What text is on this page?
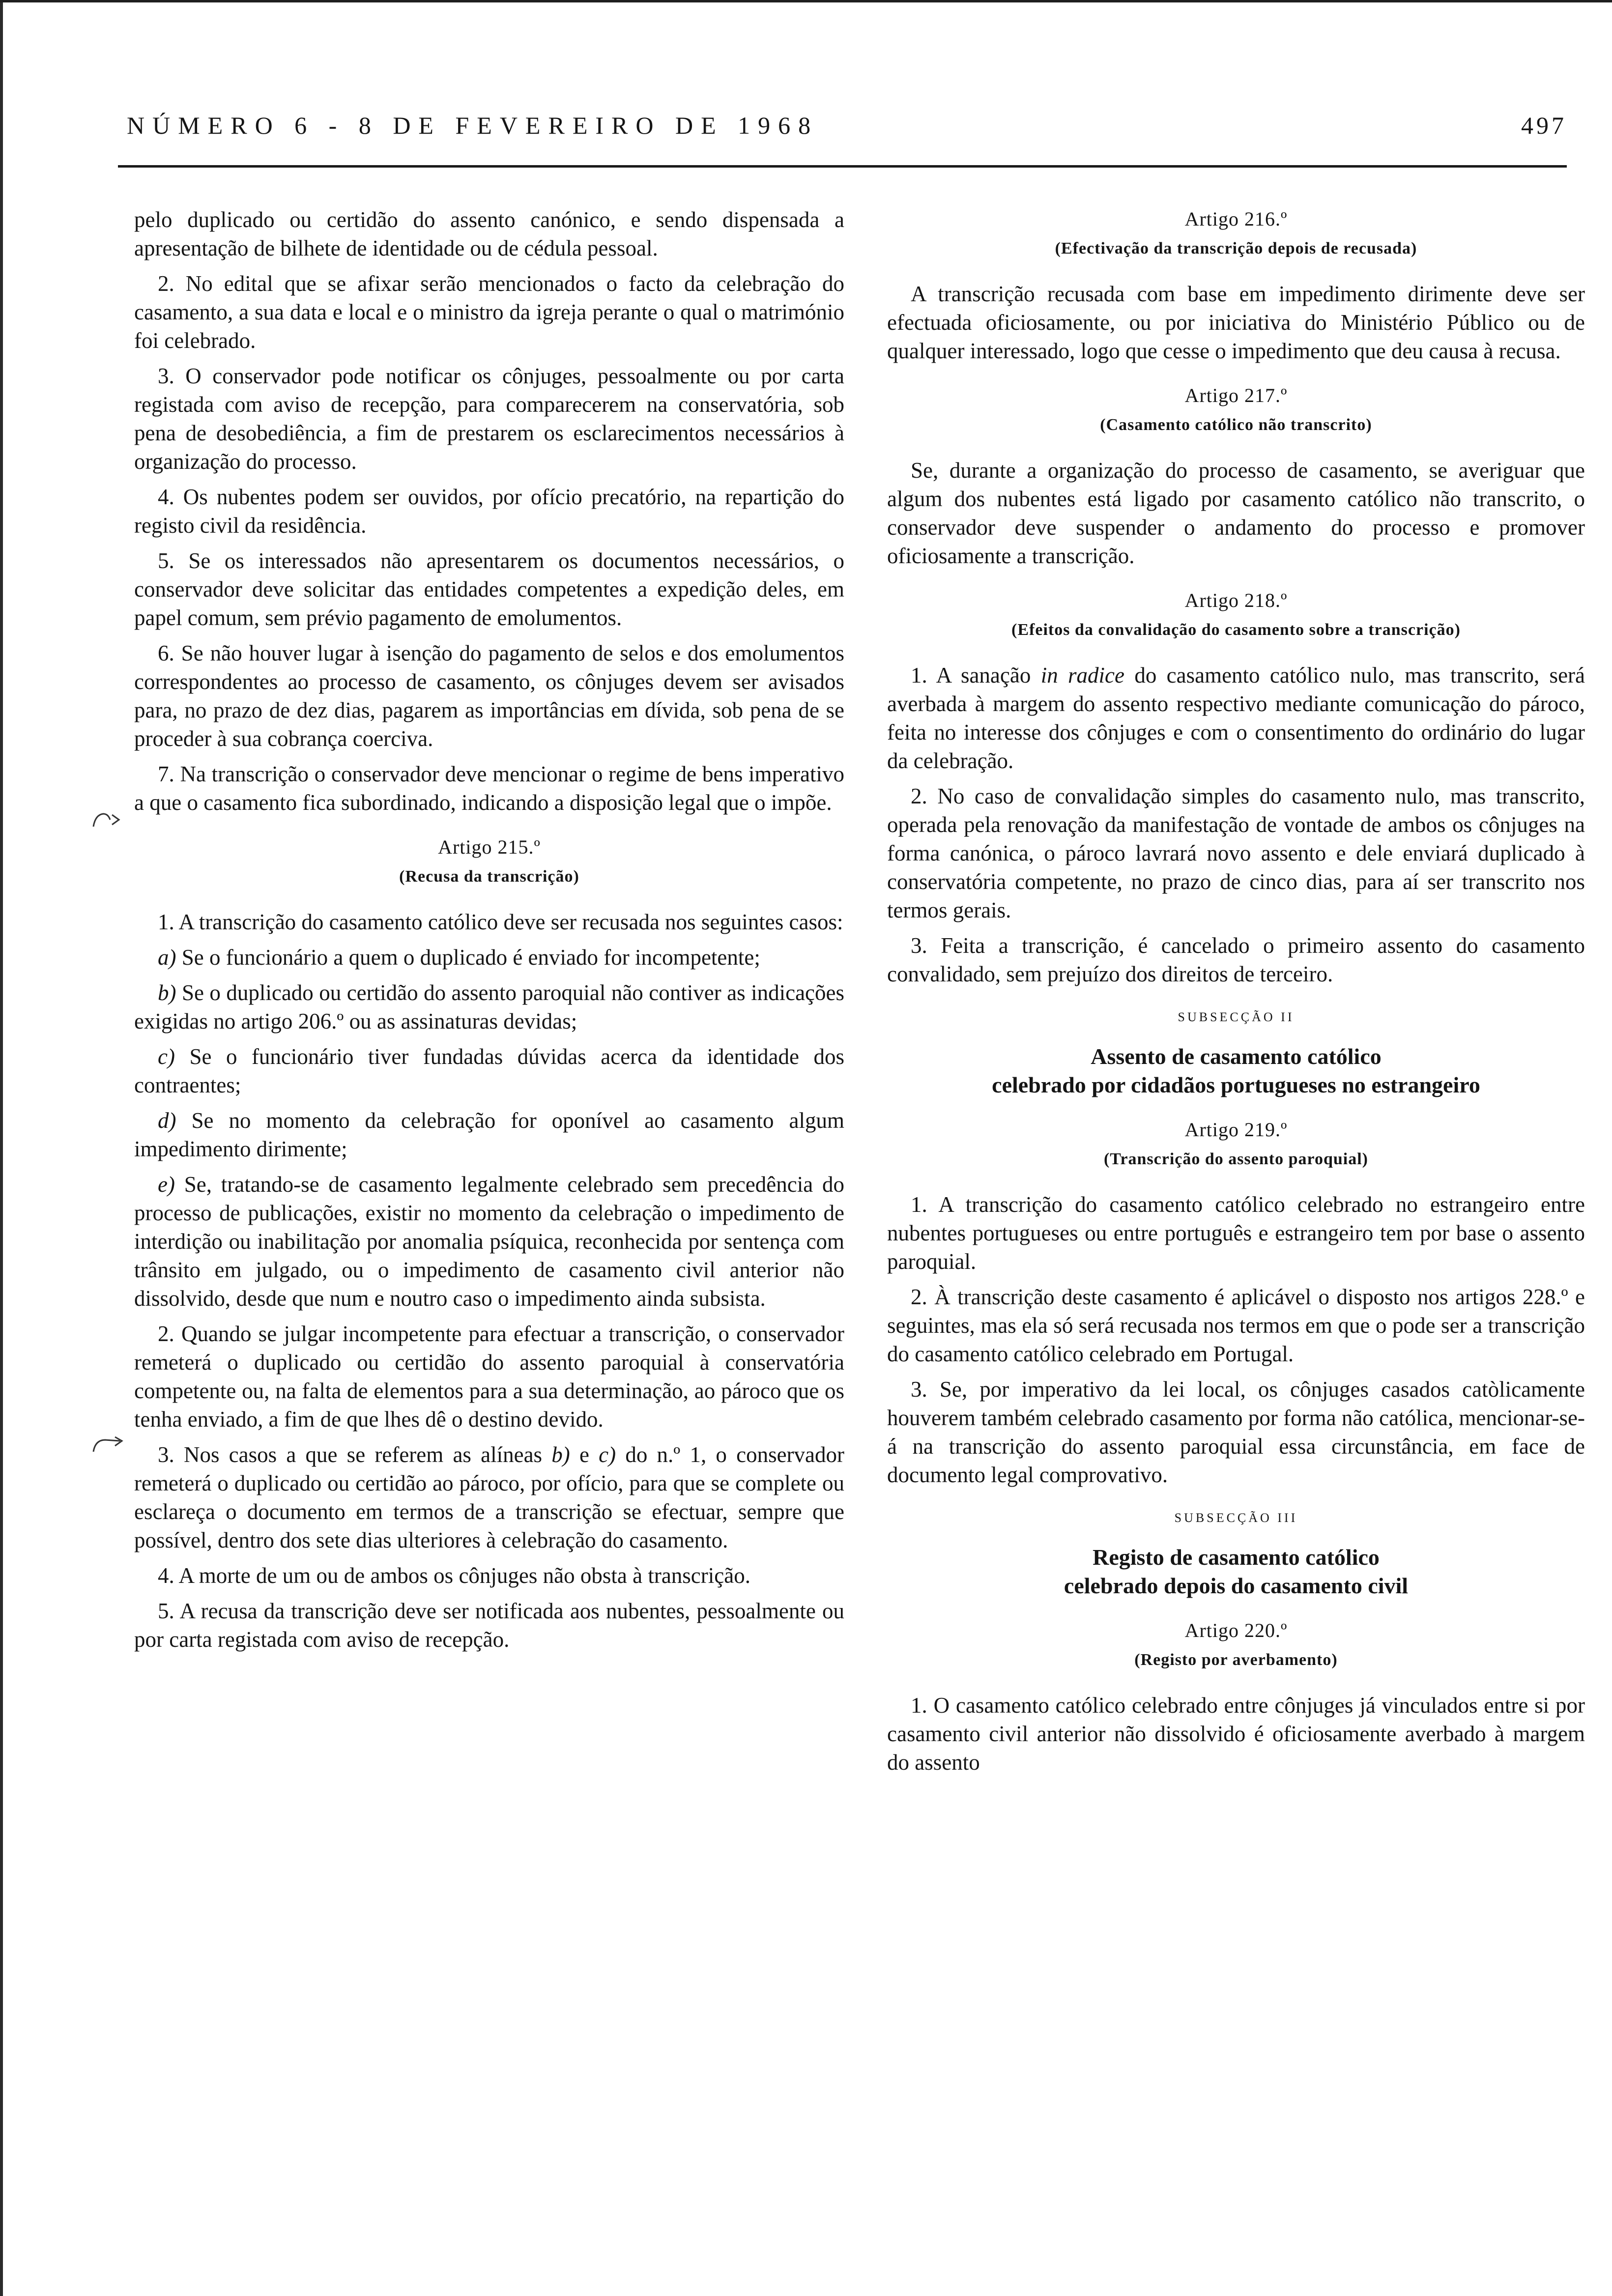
NÚMERO 6 - 8 DE FEVEREIRO DE 1968	497

pelo duplicado ou certidão do assento canónico, e sendo dispensada a apresentação de bilhete de identidade ou de cédula pessoal.

2. No edital que se afixar serão mencionados o facto da celebração do casamento, a sua data e local e o ministro da igreja perante o qual o matrimónio foi celebrado.

3. O conservador pode notificar os cônjuges, pessoalmente ou por carta registada com aviso de recepção, para comparecerem na conservatória, sob pena de desobediência, a fim de prestarem os esclarecimentos necessários à organização do processo.

4. Os nubentes podem ser ouvidos, por ofício precatório, na repartição do registo civil da residência.

5. Se os interessados não apresentarem os documentos necessários, o conservador deve solicitar das entidades competentes a expedição deles, em papel comum, sem prévio pagamento de emolumentos.

6. Se não houver lugar à isenção do pagamento de selos e dos emolumentos correspondentes ao processo de casamento, os cônjuges devem ser avisados para, no prazo de dez dias, pagarem as importâncias em dívida, sob pena de se proceder à sua cobrança coerciva.

7. Na transcrição o conservador deve mencionar o regime de bens imperativo a que o casamento fica subordinado, indicando a disposição legal que o impõe.

Artigo 215.º
(Recusa da transcrição)

1. A transcrição do casamento católico deve ser recusada nos seguintes casos:

a) Se o funcionário a quem o duplicado é enviado for incompetente;

b) Se o duplicado ou certidão do assento paroquial não contiver as indicações exigidas no artigo 206.º ou as assinaturas devidas;

c) Se o funcionário tiver fundadas dúvidas acerca da identidade dos contraentes;

d) Se no momento da celebração for oponível ao casamento algum impedimento dirimente;

e) Se, tratando-se de casamento legalmente celebrado sem precedência do processo de publicações, existir no momento da celebração o impedimento de interdição ou inabilitação por anomalia psíquica, reconhecida por sentença com trânsito em julgado, ou o impedimento de casamento civil anterior não dissolvido, desde que num e noutro caso o impedimento ainda subsista.

2. Quando se julgar incompetente para efectuar a transcrição, o conservador remeterá o duplicado ou certidão do assento paroquial à conservatória competente ou, na falta de elementos para a sua determinação, ao pároco que os tenha enviado, a fim de que lhes dê o destino devido.

3. Nos casos a que se referem as alíneas b) e c) do n.º 1, o conservador remeterá o duplicado ou certidão ao pároco, por ofício, para que se complete ou esclareça o documento em termos de a transcrição se efectuar, sempre que possível, dentro dos sete dias ulteriores à celebração do casamento.

4. A morte de um ou de ambos os cônjuges não obsta à transcrição.

5. A recusa da transcrição deve ser notificada aos nubentes, pessoalmente ou por carta registada com aviso de recepção.

Artigo 216.º
(Efectivação da transcrição depois de recusada)

A transcrição recusada com base em impedimento dirimente deve ser efectuada oficiosamente, ou por iniciativa do Ministério Público ou de qualquer interessado, logo que cesse o impedimento que deu causa à recusa.

Artigo 217.º
(Casamento católico não transcrito)

Se, durante a organização do processo de casamento, se averiguar que algum dos nubentes está ligado por casamento católico não transcrito, o conservador deve suspender o andamento do processo e promover oficiosamente a transcrição.

Artigo 218.º
(Efeitos da convalidação do casamento sobre a transcrição)

1. A sanação in radice do casamento católico nulo, mas transcrito, será averbada à margem do assento respectivo mediante comunicação do pároco, feita no interesse dos cônjuges e com o consentimento do ordinário do lugar da celebração.

2. No caso de convalidação simples do casamento nulo, mas transcrito, operada pela renovação da manifestação de vontade de ambos os cônjuges na forma canónica, o pároco lavrará novo assento e dele enviará duplicado à conservatória competente, no prazo de cinco dias, para aí ser transcrito nos termos gerais.

3. Feita a transcrição, é cancelado o primeiro assento do casamento convalidado, sem prejuízo dos direitos de terceiro.

SUBSECÇÃO II
Assento de casamento católico
celebrado por cidadãos portugueses no estrangeiro
Artigo 219.º
(Transcrição do assento paroquial)

1. A transcrição do casamento católico celebrado no estrangeiro entre nubentes portugueses ou entre português e estrangeiro tem por base o assento paroquial.

2. À transcrição deste casamento é aplicável o disposto nos artigos 228.º e seguintes, mas ela só será recusada nos termos em que o pode ser a transcrição do casamento católico celebrado em Portugal.

3. Se, por imperativo da lei local, os cônjuges casados catòlicamente houverem também celebrado casamento por forma não católica, mencionar-se-á na transcrição do assento paroquial essa circunstância, em face de documento legal comprovativo.

SUBSECÇÃO III
Registo de casamento católico
celebrado depois do casamento civil
Artigo 220.º
(Registo por averbamento)

1. O casamento católico celebrado entre cônjuges já vinculados entre si por casamento civil anterior não dissolvido é oficiosamente averbado à margem do assento
